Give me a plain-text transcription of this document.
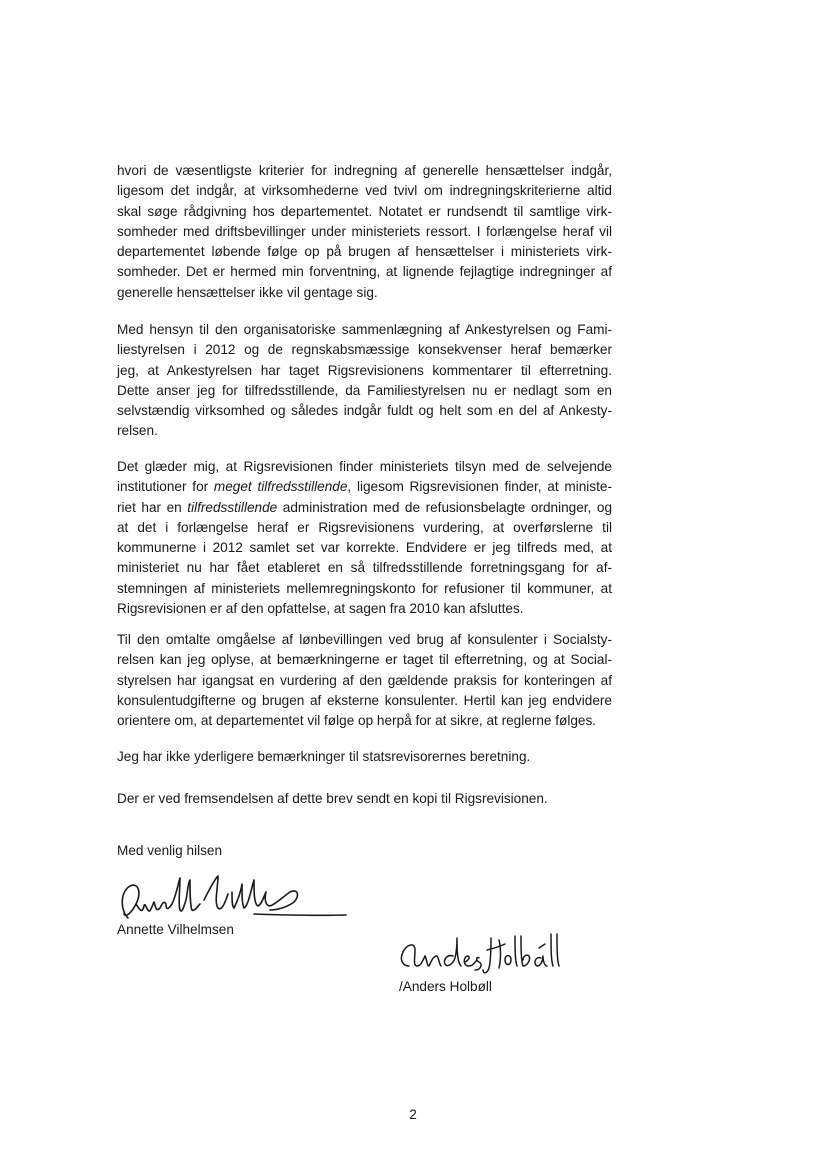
hvori de væsentligste kriterier for indregning af generelle hensættelser indgår,
ligesom det indgår, at virksomhederne ved tvivl om indregningskriterierne altid
skal søge rådgivning hos departementet. Notatet er rundsendt til samtlige virk-
somheder med driftsbevillinger under ministeriets ressort. I forlængelse heraf vil
departementet løbende følge op på brugen af hensættelser i ministeriets virk-
somheder. Det er hermed min forventning, at lignende fejlagtige indregninger af
generelle hensættelser ikke vil gentage sig.
Med hensyn til den organisatoriske sammenlægning af Ankestyrelsen og Fami-
liestyrelsen i 2012 og de regnskabsmæssige konsekvenser heraf bemærker
jeg, at Ankestyrelsen har taget Rigsrevisionens kommentarer til efterretning.
Dette anser jeg for tilfredsstillende, da Familiestyrelsen nu er nedlagt som en
selvstændig virksomhed og således indgår fuldt og helt som en del af Ankesty-
relsen.
Det glæder mig, at Rigsrevisionen finder ministeriets tilsyn med de selvejende
institutioner for meget tilfredsstillende, ligesom Rigsrevisionen finder, at ministe-
riet har en tilfredsstillende administration med de refusionsbelagte ordninger, og
at det i forlængelse heraf er Rigsrevisionens vurdering, at overførslerne til
kommunerne i 2012 samlet set var korrekte. Endvidere er jeg tilfreds med, at
ministeriet nu har fået etableret en så tilfredsstillende forretningsgang for af-
stemningen af ministeriets mellemregningskonto for refusioner til kommuner, at
Rigsrevisionen er af den opfattelse, at sagen fra 2010 kan afsluttes.
Til den omtalte omgåelse af lønbevillingen ved brug af konsulenter i Socialsty-
relsen kan jeg oplyse, at bemærkningerne er taget til efterretning, og at Social-
styrelsen har igangsat en vurdering af den gældende praksis for konteringen af
konsulentudgifterne og brugen af eksterne konsulenter. Hertil kan jeg endvidere
orientere om, at departementet vil følge op herpå for at sikre, at reglerne følges.
Jeg har ikke yderligere bemærkninger til statsrevisorernes beretning.
Der er ved fremsendelsen af dette brev sendt en kopi til Rigsrevisionen.
Med venlig hilsen
Annette Vilhelmsen
/Anders Holbøll
2
